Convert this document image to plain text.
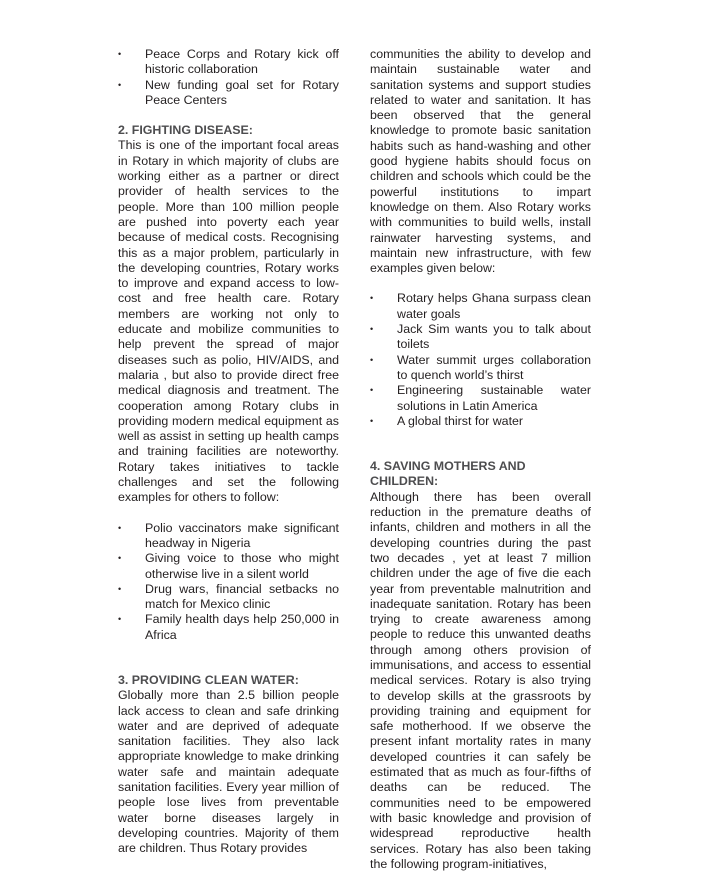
• Peace Corps and Rotary kick off historic collaboration
• New funding goal set for Rotary Peace Centers
2. FIGHTING DISEASE:

This is one of the important focal areas in Rotary in which majority of clubs are working either as a partner or direct provider of health services to the people. More than 100 million people are pushed into poverty each year because of medical costs. Recognising this as a major problem, particularly in the developing countries, Rotary works to improve and expand access to low-cost and free health care. Rotary members are working not only to educate and mobilize communities to help prevent the spread of major diseases such as polio, HIV/AIDS, and malaria , but also to provide direct free medical diagnosis and treatment. The cooperation among Rotary clubs in providing modern medical equipment as well as assist in setting up health camps and training facilities are noteworthy. Rotary takes initiatives to tackle challenges and set the following examples for others to follow:

• Polio vaccinators make significant headway in Nigeria
• Giving voice to those who might otherwise live in a silent world
• Drug wars, financial setbacks no match for Mexico clinic
• Family health days help 250,000 in Africa
3. PROVIDING CLEAN WATER:

Globally more than 2.5 billion people lack access to clean and safe drinking water and are deprived of adequate sanitation facilities. They also lack appropriate knowledge to make drinking water safe and maintain adequate sanitation facilities. Every year million of people lose lives from preventable water borne diseases largely in developing countries. Majority of them are children. Thus Rotary provides

communities the ability to develop and maintain sustainable water and sanitation systems and support studies related to water and sanitation. It has been observed that the general knowledge to promote basic sanitation habits such as hand-washing and other good hygiene habits should focus on children and schools which could be the powerful institutions to impart knowledge on them. Also Rotary works with communities to build wells, install rainwater harvesting systems, and maintain new infrastructure, with few examples given below:

• Rotary helps Ghana surpass clean water goals
• Jack Sim wants you to talk about toilets
• Water summit urges collaboration to quench world’s thirst
• Engineering sustainable water solutions in Latin America
• A global thirst for water
4. SAVING MOTHERS AND CHILDREN:

Although there has been overall reduction in the premature deaths of infants, children and mothers in all the developing countries during the past two decades , yet at least 7 million children under the age of five die each year from preventable malnutrition and inadequate sanitation. Rotary has been trying to create awareness among people to reduce this unwanted deaths through among others provision of immunisations, and access to essential medical services. Rotary is also trying to develop skills at the grassroots by providing training and equipment for safe motherhood. If we observe the present infant mortality rates in many developed countries it can safely be estimated that as much as four-fifths of deaths can be reduced. The communities need to be empowered with basic knowledge and provision of widespread reproductive health services. Rotary has also been taking the following program-initiatives,
